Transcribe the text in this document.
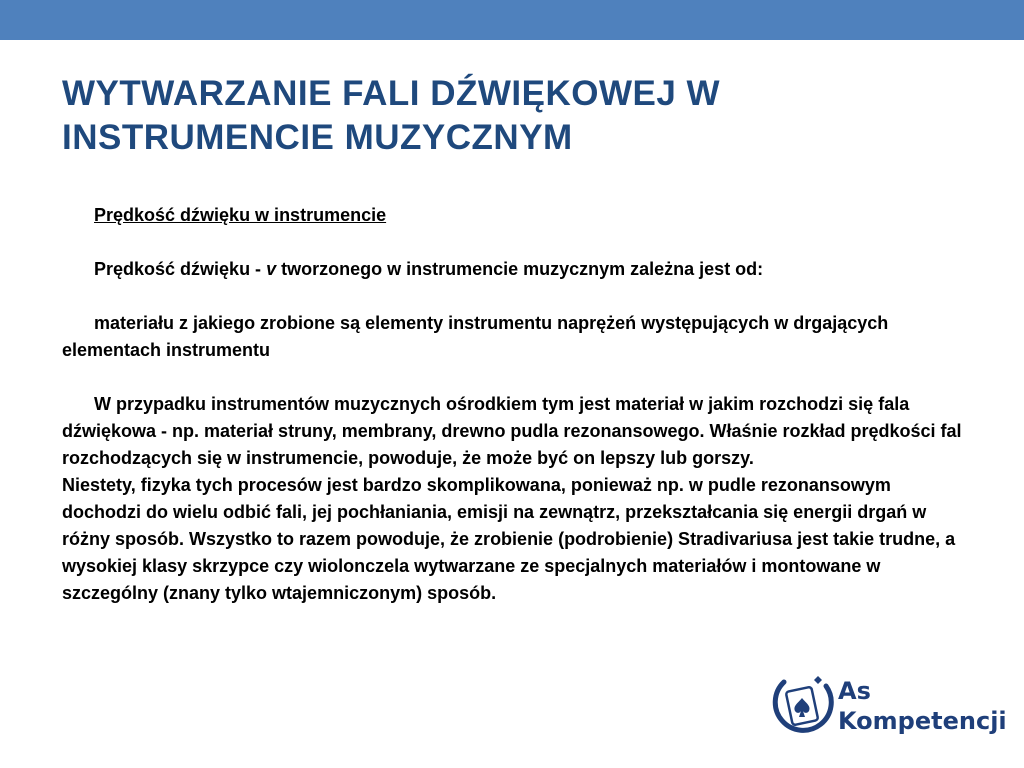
WYTWARZANIE FALI DŹWIĘKOWEJ W
INSTRUMENCIE MUZYCZNYM

Prędkość dźwięku w instrumencie

Prędkość dźwięku - v tworzonego w instrumencie muzycznym zależna jest od:

materiału z jakiego zrobione są elementy instrumentu naprężeń występujących w drgających elementach instrumentu

W przypadku instrumentów muzycznych ośrodkiem tym jest materiał w jakim rozchodzi się fala dźwiękowa - np. materiał struny, membrany, drewno pudla rezonansowego. Właśnie rozkład prędkości fal rozchodzących się w instrumencie, powoduje, że może być on lepszy lub gorszy.

Niestety, fizyka tych procesów jest bardzo skomplikowana, ponieważ np. w pudle rezonansowym dochodzi do wielu odbić fali, jej pochłaniania, emisji na zewnątrz, przekształcania się energii drgań w różny sposób. Wszystko to razem powoduje, że zrobienie (podrobienie) Stradivariusa jest takie trudne, a wysokiej klasy skrzypce czy wiolonczela wytwarzane ze specjalnych materiałów i montowane w szczególny (znany tylko wtajemniczonym) sposób.

As
Kompetencji
